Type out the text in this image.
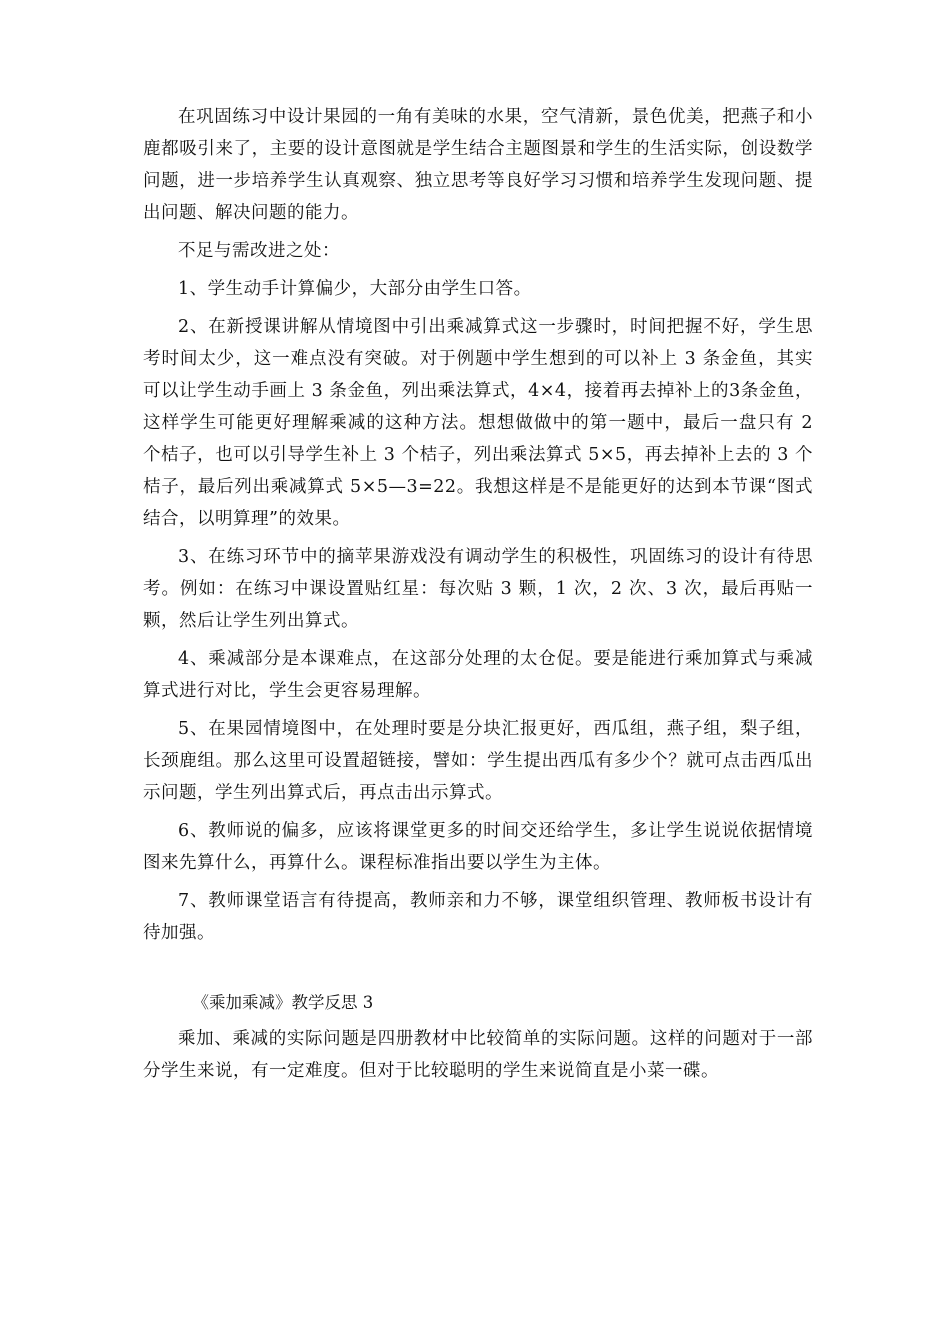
在巩固练习中设计果园的一角有美味的水果，空气清新，景色优美，把燕子和小鹿都吸引来了，主要的设计意图就是学生结合主题图景和学生的生活实际，创设数学问题，进一步培养学生认真观察、独立思考等良好学习习惯和培养学生发现问题、提出问题、解决问题的能力。

不足与需改进之处：

1、学生动手计算偏少，大部分由学生口答。

2、在新授课讲解从情境图中引出乘减算式这一步骤时，时间把握不好，学生思考时间太少，这一难点没有突破。对于例题中学生想到的可以补上 3 条金鱼，其实可以让学生动手画上 3 条金鱼，列出乘法算式，4×4，接着再去掉补上的3条金鱼，这样学生可能更好理解乘减的这种方法。想想做做中的第一题中，最后一盘只有 2 个桔子，也可以引导学生补上 3 个桔子，列出乘法算式 5×5，再去掉补上去的 3 个桔子，最后列出乘减算式 5×5—3=22。我想这样是不是能更好的达到本节课“图式结合，以明算理”的效果。

3、在练习环节中的摘苹果游戏没有调动学生的积极性，巩固练习的设计有待思考。例如：在练习中课设置贴红星：每次贴 3 颗，1 次，2 次、3 次，最后再贴一颗，然后让学生列出算式。

4、乘减部分是本课难点，在这部分处理的太仓促。要是能进行乘加算式与乘减算式进行对比，学生会更容易理解。

5、在果园情境图中，在处理时要是分块汇报更好，西瓜组，燕子组，梨子组，长颈鹿组。那么这里可设置超链接，譬如：学生提出西瓜有多少个？就可点击西瓜出示问题，学生列出算式后，再点击出示算式。

6、教师说的偏多，应该将课堂更多的时间交还给学生，多让学生说说依据情境图来先算什么，再算什么。课程标准指出要以学生为主体。

7、教师课堂语言有待提高，教师亲和力不够，课堂组织管理、教师板书设计有待加强。

《乘加乘减》教学反思 3

乘加、乘减的实际问题是四册教材中比较简单的实际问题。这样的问题对于一部分学生来说，有一定难度。但对于比较聪明的学生来说简直是小菜一碟。
